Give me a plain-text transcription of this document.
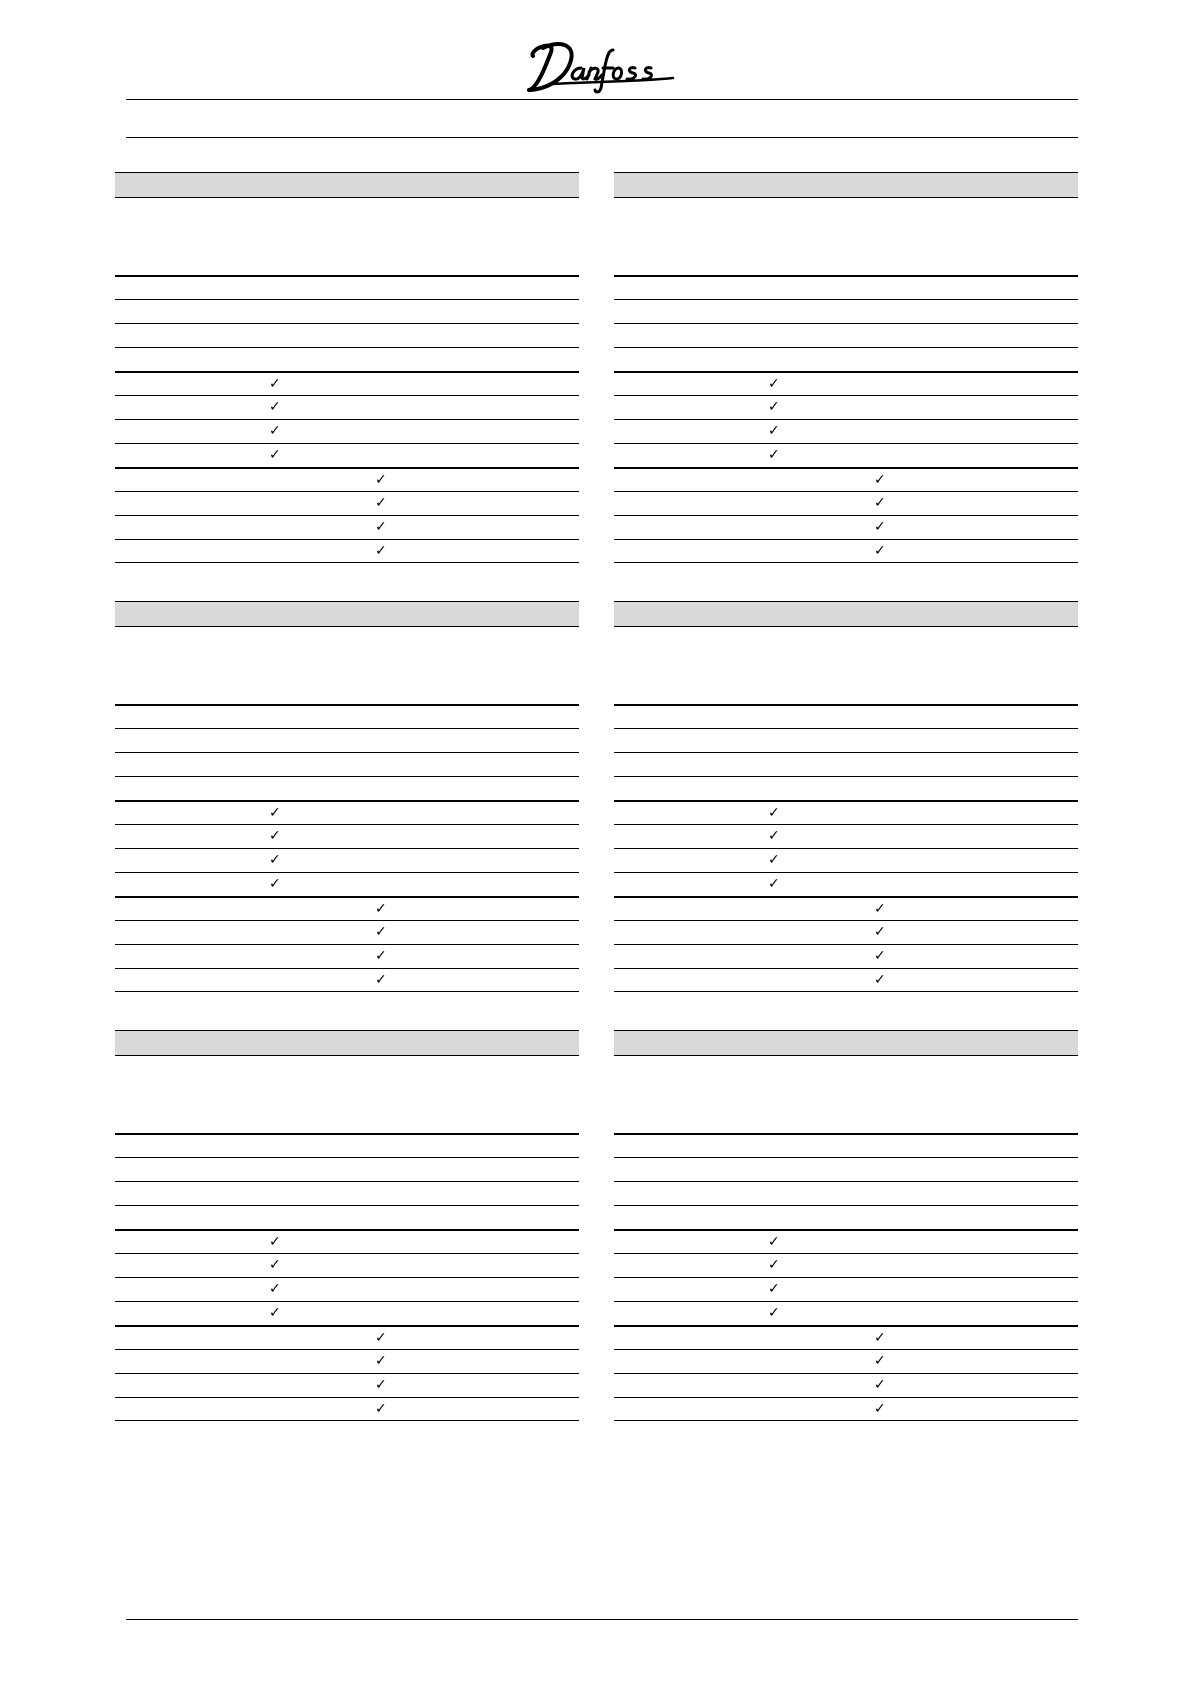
Danfoss
✓
✓
✓
✓
✓
✓
✓
✓
✓
✓
✓
✓
✓
✓
✓
✓
✓
✓
✓
✓
✓
✓
✓
✓
✓
✓
✓
✓
✓
✓
✓
✓
✓
✓
✓
✓
✓
✓
✓
✓
✓
✓
✓
✓
✓
✓
✓
✓
